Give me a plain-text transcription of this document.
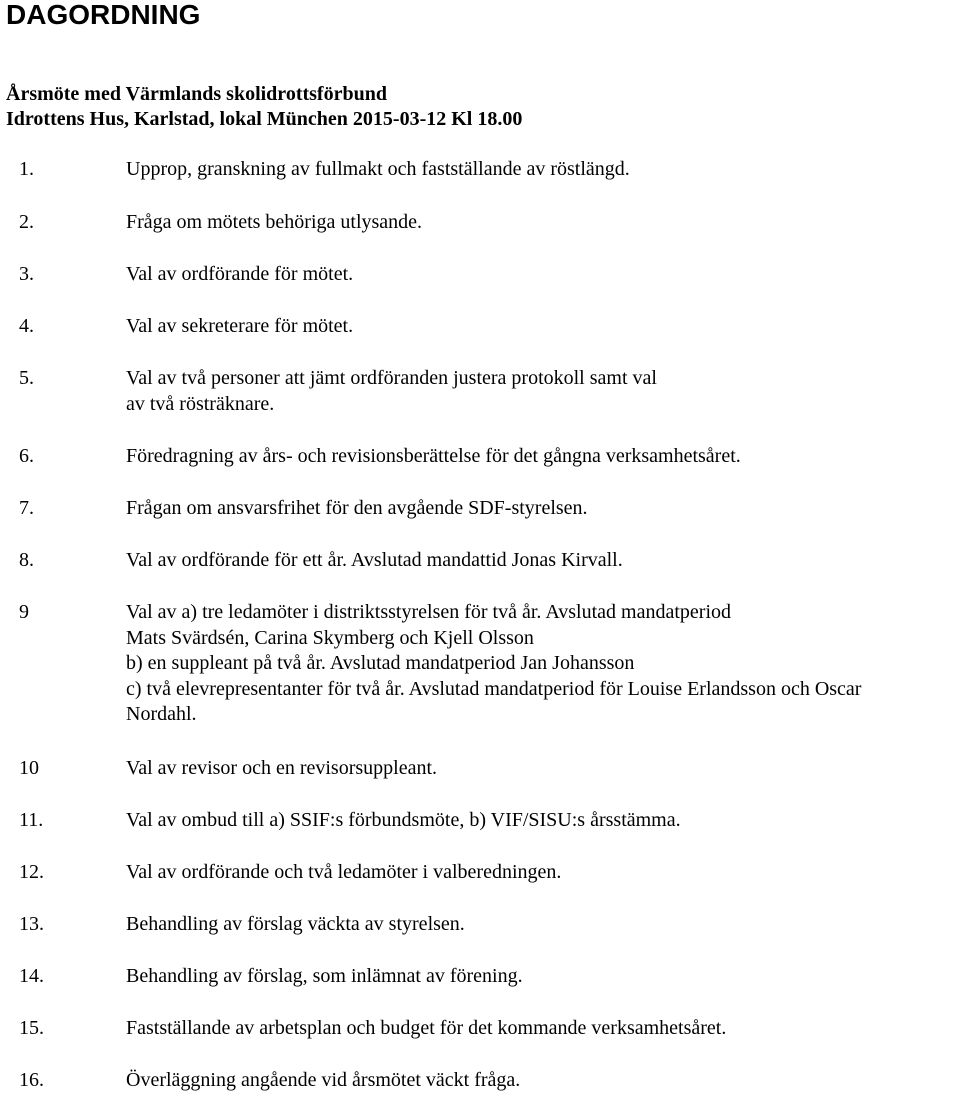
DAGORDNING
Årsmöte med Värmlands skolidrottsförbund
Idrottens Hus, Karlstad, lokal München 2015-03-12 Kl 18.00
1.	Upprop, granskning av fullmakt och fastställande av röstlängd.
2.	Fråga om mötets behöriga utlysande.
3.	Val av ordförande för mötet.
4.	Val av sekreterare för mötet.
5.	Val av två personer att jämt ordföranden justera protokoll samt val
av två rösträknare.
6.	Föredragning av års- och revisionsberättelse för det gångna verksamhetsåret.
7.	Frågan om ansvarsfrihet för den avgående SDF-styrelsen.
8.	Val av ordförande för ett år. Avslutad mandattid Jonas Kirvall.
9	Val av a) tre ledamöter i distriktsstyrelsen för två år. Avslutad mandatperiod
Mats Svärdsén, Carina Skymberg och Kjell Olsson
b) en suppleant på två år. Avslutad mandatperiod Jan Johansson
c) två elevrepresentanter för två år. Avslutad mandatperiod för Louise Erlandsson och Oscar
Nordahl.
10	Val av revisor och en revisorsuppleant.
11.	Val av ombud till a) SSIF:s förbundsmöte, b) VIF/SISU:s årsstämma.
12.	Val av ordförande och två ledamöter i valberedningen.
13.	Behandling av förslag väckta av styrelsen.
14.	Behandling av förslag, som inlämnat av förening.
15.	Fastställande av arbetsplan och budget för det kommande verksamhetsåret.
16.	Överläggning angående vid årsmötet väckt fråga.
